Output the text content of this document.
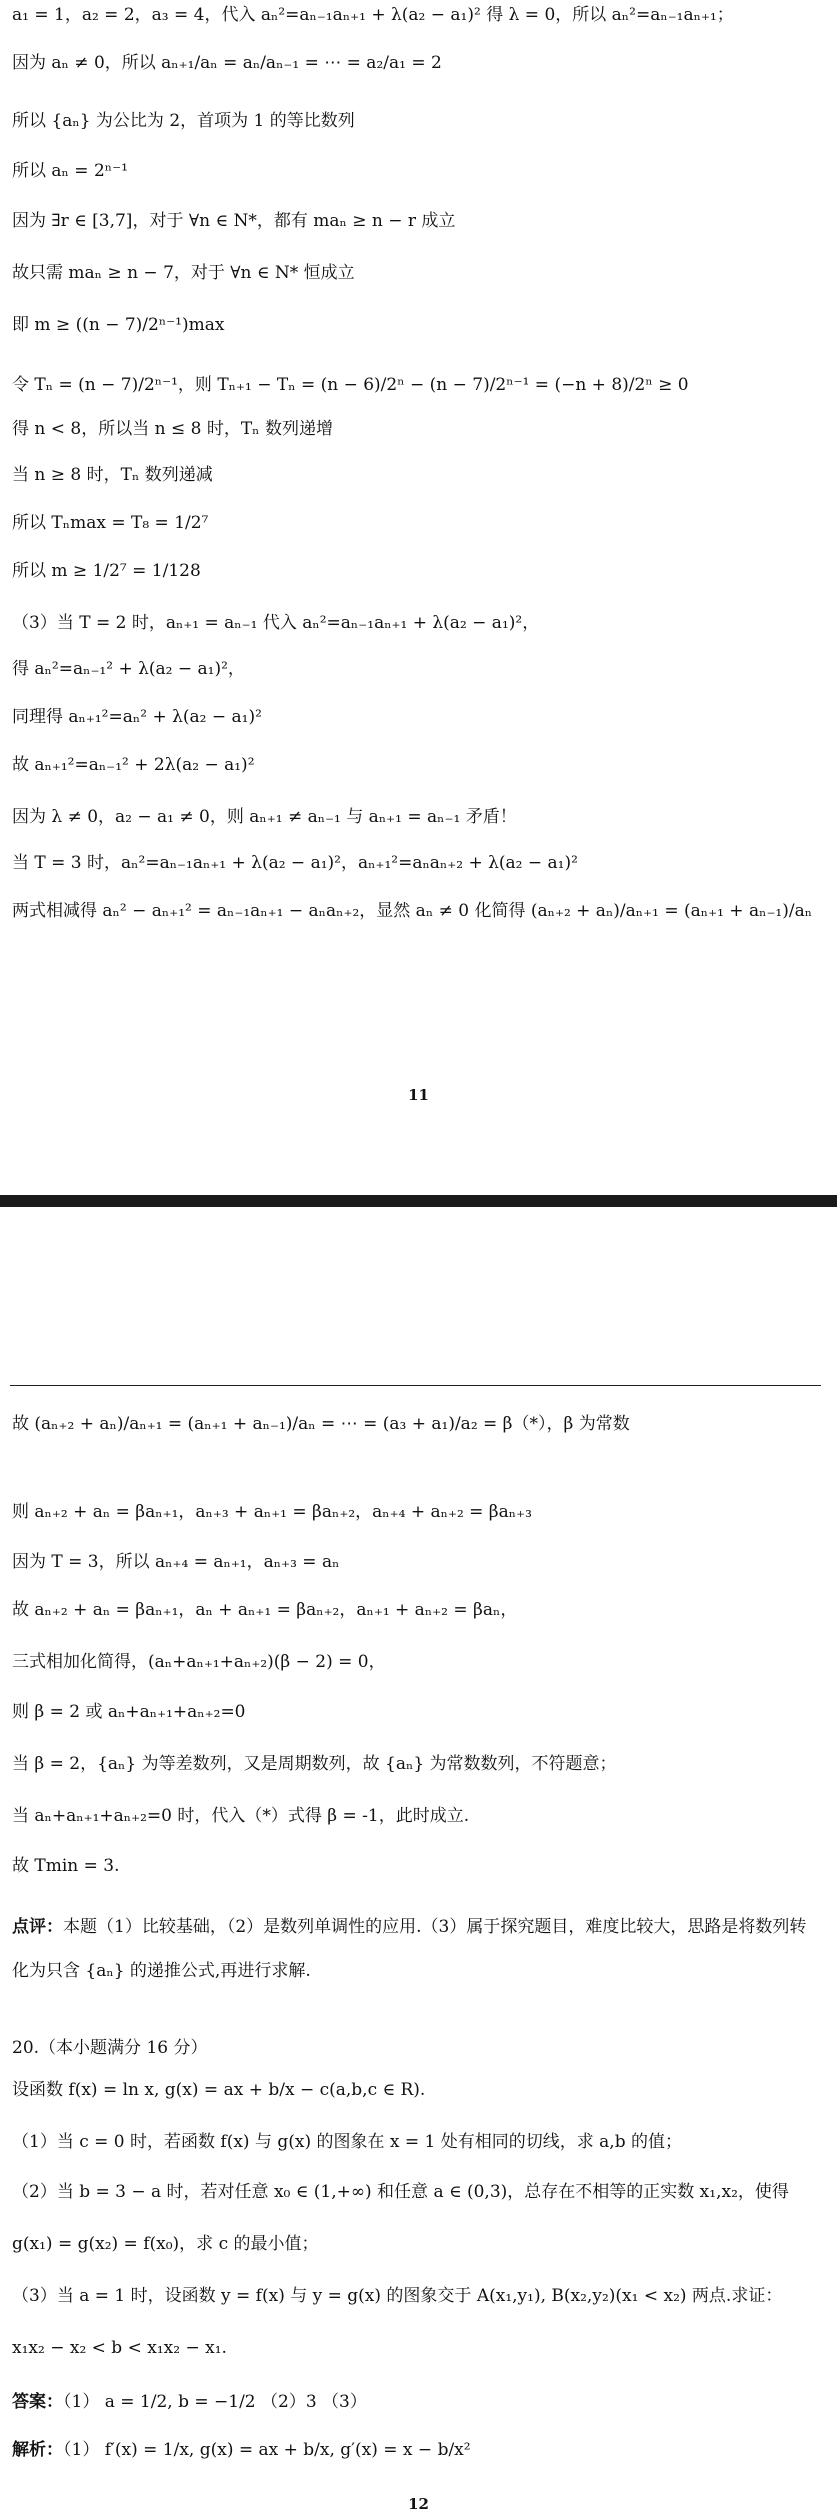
a₁ = 1，a₂ = 2，a₃ = 4，代入 aₙ²=aₙ₋₁aₙ₊₁ + λ(a₂ − a₁)² 得 λ = 0，所以 aₙ²=aₙ₋₁aₙ₊₁；
因为 aₙ ≠ 0，所以 aₙ₊₁/aₙ = aₙ/aₙ₋₁ = ⋯ = a₂/a₁ = 2
所以 {aₙ} 为公比为 2，首项为 1 的等比数列
所以 aₙ = 2ⁿ⁻¹
因为 ∃r ∈ [3,7]，对于 ∀n ∈ N*，都有 maₙ ≥ n − r 成立
故只需 maₙ ≥ n − 7，对于 ∀n ∈ N* 恒成立
即 m ≥ ((n − 7)/2ⁿ⁻¹)max
令 Tₙ = (n − 7)/2ⁿ⁻¹，则 Tₙ₊₁ − Tₙ = (n − 6)/2ⁿ − (n − 7)/2ⁿ⁻¹ = (−n + 8)/2ⁿ ≥ 0
得 n < 8，所以当 n ≤ 8 时，Tₙ 数列递增
当 n ≥ 8 时，Tₙ 数列递减
所以 Tₙmax = T₈ = 1/2⁷
所以 m ≥ 1/2⁷ = 1/128
（3）当 T = 2 时，aₙ₊₁ = aₙ₋₁ 代入 aₙ²=aₙ₋₁aₙ₊₁ + λ(a₂ − a₁)²，
得 aₙ²=aₙ₋₁² + λ(a₂ − a₁)²，
同理得 aₙ₊₁²=aₙ² + λ(a₂ − a₁)²
故 aₙ₊₁²=aₙ₋₁² + 2λ(a₂ − a₁)²
因为 λ ≠ 0，a₂ − a₁ ≠ 0，则 aₙ₊₁ ≠ aₙ₋₁ 与 aₙ₊₁ = aₙ₋₁ 矛盾！
当 T = 3 时，aₙ²=aₙ₋₁aₙ₊₁ + λ(a₂ − a₁)²，aₙ₊₁²=aₙaₙ₊₂ + λ(a₂ − a₁)²
两式相减得 aₙ² − aₙ₊₁² = aₙ₋₁aₙ₊₁ − aₙaₙ₊₂，显然 aₙ ≠ 0 化简得 (aₙ₊₂ + aₙ)/aₙ₊₁ = (aₙ₊₁ + aₙ₋₁)/aₙ
11
故 (aₙ₊₂ + aₙ)/aₙ₊₁ = (aₙ₊₁ + aₙ₋₁)/aₙ = ⋯ = (a₃ + a₁)/a₂ = β（*），β 为常数
则 aₙ₊₂ + aₙ = βaₙ₊₁，aₙ₊₃ + aₙ₊₁ = βaₙ₊₂，aₙ₊₄ + aₙ₊₂ = βaₙ₊₃
因为 T = 3，所以 aₙ₊₄ = aₙ₊₁，aₙ₊₃ = aₙ
故 aₙ₊₂ + aₙ = βaₙ₊₁，aₙ + aₙ₊₁ = βaₙ₊₂，aₙ₊₁ + aₙ₊₂ = βaₙ，
三式相加化简得，(aₙ+aₙ₊₁+aₙ₊₂)(β − 2) = 0，
则 β = 2 或 aₙ+aₙ₊₁+aₙ₊₂=0
当 β = 2，{aₙ} 为等差数列，又是周期数列，故 {aₙ} 为常数数列，不符题意；
当 aₙ+aₙ₊₁+aₙ₊₂=0 时，代入（*）式得 β = -1，此时成立.
故 Tmin = 3.
点评：本题（1）比较基础，（2）是数列单调性的应用.（3）属于探究题目，难度比较大，思路是将数列转化为只含 {aₙ} 的递推公式,再进行求解.
20.（本小题满分 16 分）
设函数 f(x) = ln x, g(x) = ax + b/x − c(a,b,c ∈ R).
（1）当 c = 0 时，若函数 f(x) 与 g(x) 的图象在 x = 1 处有相同的切线，求 a,b 的值；
（2）当 b = 3 − a 时，若对任意 x₀ ∈ (1,+∞) 和任意 a ∈ (0,3)，总存在不相等的正实数 x₁,x₂，使得
g(x₁) = g(x₂) = f(x₀)，求 c 的最小值；
（3）当 a = 1 时，设函数 y = f(x) 与 y = g(x) 的图象交于 A(x₁,y₁), B(x₂,y₂)(x₁ < x₂) 两点.求证：
x₁x₂ − x₂ < b < x₁x₂ − x₁.
答案：（1） a = 1/2, b = −1/2 （2）3 （3）
解析：（1） f′(x) = 1/x, g(x) = ax + b/x, g′(x) = x − b/x²
12
